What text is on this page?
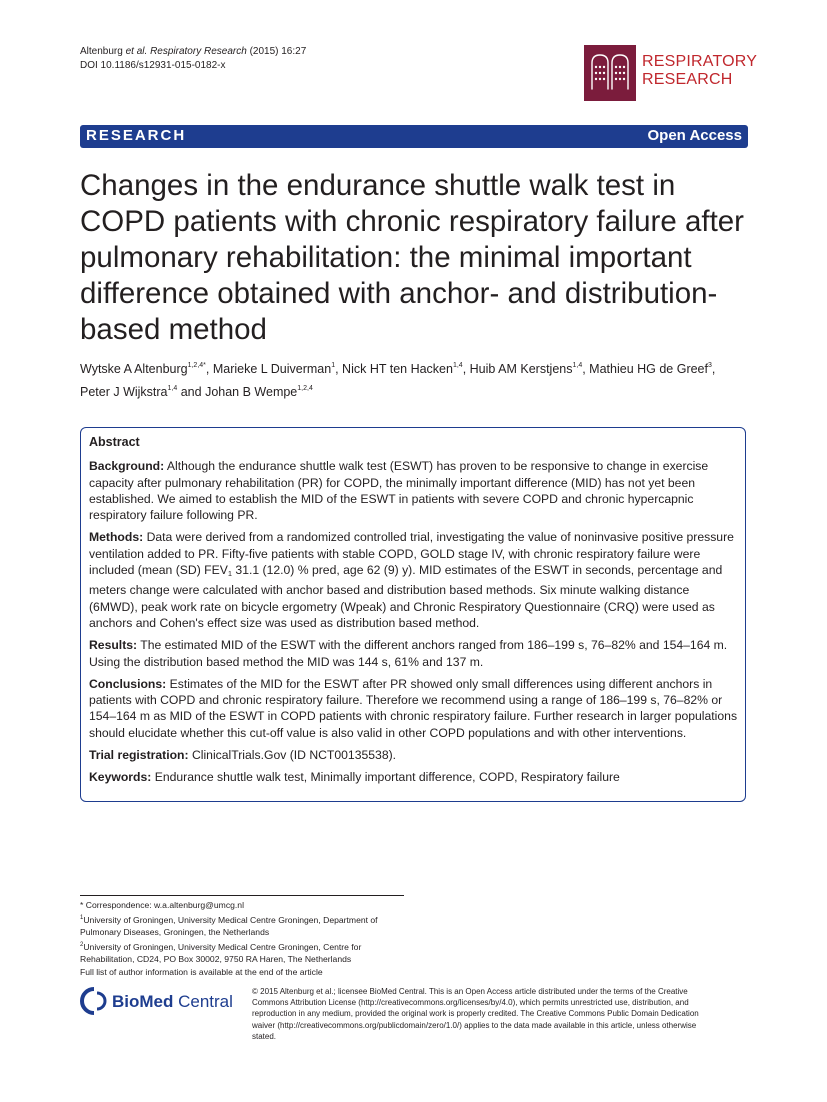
Altenburg et al. Respiratory Research (2015) 16:27
DOI 10.1186/s12931-015-0182-x	RESPIRATORY
RESEARCH
RESEARCH	Open Access
Changes in the endurance shuttle walk test in COPD patients with chronic respiratory failure after pulmonary rehabilitation: the minimal important difference obtained with anchor- and distribution-based method
Wytske A Altenburg$^{1,2,4*}$, Marieke L Duiverman$^1$, Nick HT ten Hacken$^{1,4}$, Huib AM Kerstjens$^{1,4}$, Mathieu HG de Greef$^3$,
Peter J Wijkstra$^{1,4}$ and Johan B Wempe$^{1,2,4}$
Abstract

Background: Although the endurance shuttle walk test (ESWT) has proven to be responsive to change in exercise capacity after pulmonary rehabilitation (PR) for COPD, the minimally important difference (MID) has not yet been established. We aimed to establish the MID of the ESWT in patients with severe COPD and chronic hypercapnic respiratory failure following PR.

Methods: Data were derived from a randomized controlled trial, investigating the value of noninvasive positive pressure ventilation added to PR. Fifty-five patients with stable COPD, GOLD stage IV, with chronic respiratory failure were included (mean (SD) $FEV_1$ 31.1 (12.0) % pred, age 62 (9) y). MID estimates of the ESWT in seconds, percentage and meters change were calculated with anchor based and distribution based methods. Six minute walking distance (6MWD), peak work rate on bicycle ergometry (Wpeak) and Chronic Respiratory Questionnaire (CRQ) were used as anchors and Cohen's effect size was used as distribution based method.

Results: The estimated MID of the ESWT with the different anchors ranged from 186–199 s, 76–82% and 154–164 m. Using the distribution based method the MID was 144 s, 61% and 137 m.

Conclusions: Estimates of the MID for the ESWT after PR showed only small differences using different anchors in patients with COPD and chronic respiratory failure. Therefore we recommend using a range of 186–199 s, 76–82% or 154–164 m as MID of the ESWT in COPD patients with chronic respiratory failure. Further research in larger populations should elucidate whether this cut-off value is also valid in other COPD populations and with other interventions.

Trial registration: ClinicalTrials.Gov (ID NCT00135538).

Keywords: Endurance shuttle walk test, Minimally important difference, COPD, Respiratory failure

* Correspondence: w.a.altenburg@umcg.nl
$^1$University of Groningen, University Medical Centre Groningen, Department of Pulmonary Diseases, Groningen, the Netherlands
$^2$University of Groningen, University Medical Centre Groningen, Centre for Rehabilitation, CD24, PO Box 30002, 9750 RA Haren, The Netherlands
Full list of author information is available at the end of the article
BioMed Central
© 2015 Altenburg et al.; licensee BioMed Central. This is an Open Access article distributed under the terms of the Creative Commons Attribution License (http://creativecommons.org/licenses/by/4.0), which permits unrestricted use, distribution, and reproduction in any medium, provided the original work is properly credited. The Creative Commons Public Domain Dedication waiver (http://creativecommons.org/publicdomain/zero/1.0/) applies to the data made available in this article, unless otherwise stated.
